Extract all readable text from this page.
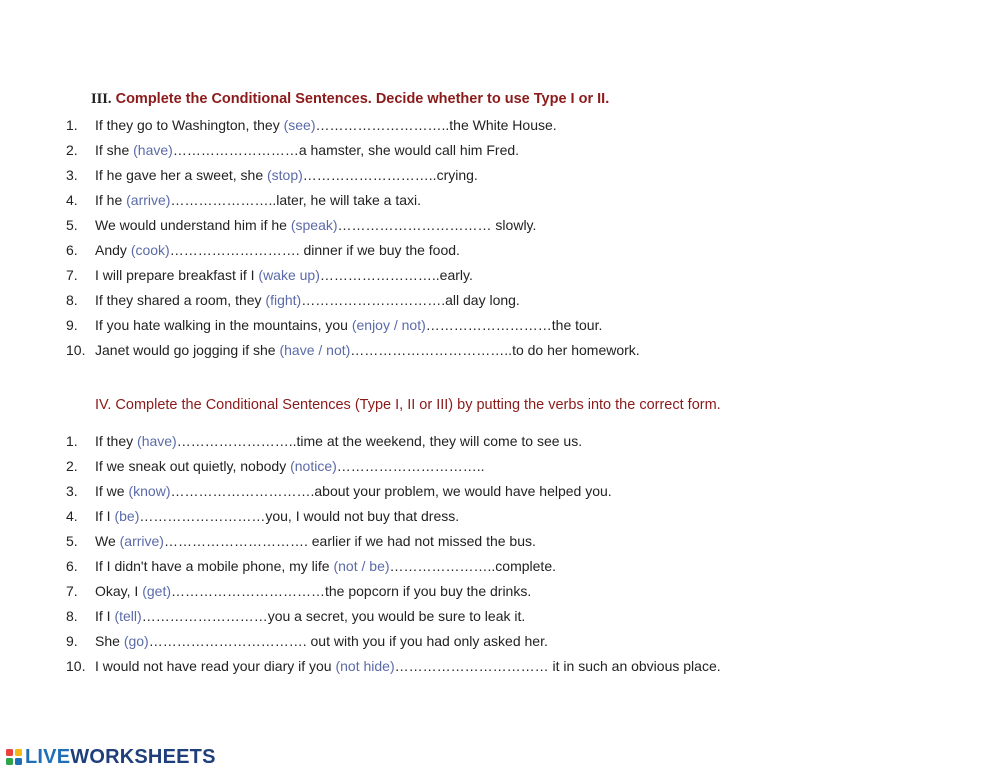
III. Complete the Conditional Sentences. Decide whether to use Type I or II.
1.	If they go to Washington, they (see)………………………..the White House.
2.	If she (have)………………………a hamster, she would call him Fred.
3.	If he gave her a sweet, she (stop)………………………..crying.
4.	If he (arrive)…………………..later, he will take a taxi.
5.	We would understand him if he (speak)…………………………… slowly.
6.	Andy (cook)………………………. dinner if we buy the food.
7.	I will prepare breakfast if I (wake up)……………………..early.
8.	If they shared a room, they (fight)………………………….all day long.
9.	If you hate walking in the mountains, you (enjoy / not)………………………the tour.
10. Janet would go jogging if she (have / not)……………………………..to do her homework.
IV. Complete the Conditional Sentences (Type I, II or III) by putting the verbs into the correct form.
1.	If they (have)……………………..time at the weekend, they will come to see us.
2.	If we sneak out quietly, nobody (notice)…………………………..
3.	If we (know)………………………….about your problem, we would have helped you.
4.	If I (be)………………………you, I would not buy that dress.
5.	We (arrive)…………………………. earlier if we had not missed the bus.
6.	If I didn't have a mobile phone, my life (not / be)…………………..complete.
7.	Okay, I (get)……………………………the popcorn if you buy the drinks.
8.	If I (tell)………………………you a secret, you would be sure to leak it.
9.	She (go)……………………………. out with you if you had only asked her.
10. I would not have read your diary if you (not hide)…………………………… it in such an obvious place.
LIVEWORKSHEETS
